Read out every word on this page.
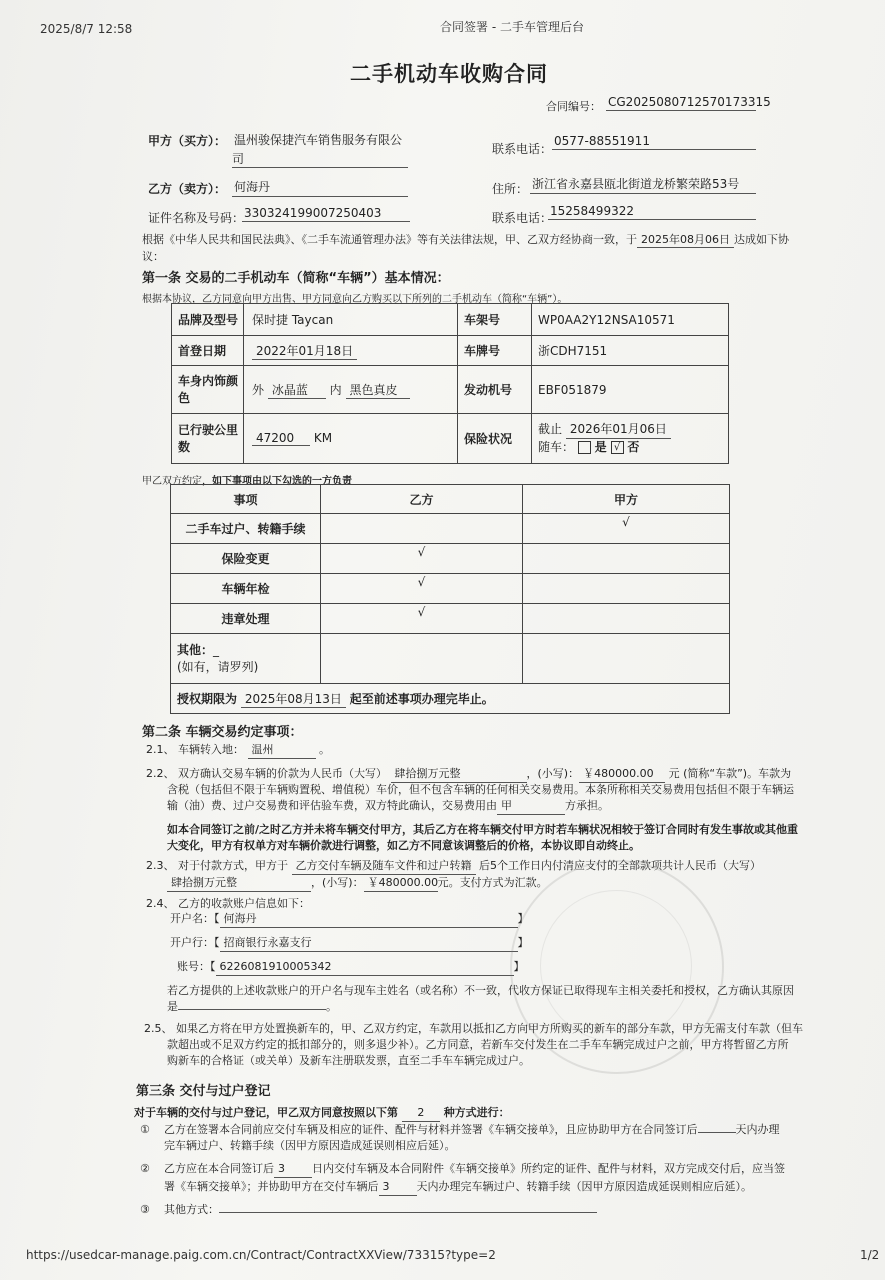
2025/8/7 12:58	合同签署 - 二手车管理后台
二手机动车收购合同
合同编号： CG2025080712570173315
甲方（买方）： 温州骏保捷汽车销售服务有限公
司
联系电话：
0577-88551911
乙方（卖方）： 何海丹	住所： 浙江省永嘉县瓯北街道龙桥繁荣路53号
证件名称及号码： 330324199007250403	联系电话：
15258499322
根据《中华人民共和国民法典》、《二手车流通管理办法》等有关法律法规，甲、乙双方经协商一致，于 2025年08月06日 达成如下协
议：
第一条 交易的二手机动车（简称“车辆”）基本情况：
根据本协议，乙方同意向甲方出售、甲方同意向乙方购买以下所列的二手机动车（简称“车辆”）。
品牌及型号	保时捷 Taycan	车架号	WP0AA2Y12NSA10571
首登日期	2022年01月18日	车牌号	浙CDH7151
车身内饰颜
色	外 冰晶蓝 内 黑色真皮	发动机号	EBF051879
已行驶公里
数	47200 KM	保险状况	截止 2026年01月06日
随车： 是 √ 否
甲乙双方约定，如下事项由以下勾选的一方负责
事项	乙方	甲方
二手车过户、转籍手续		√
保险变更	√	
车辆年检	√	
违章处理	√	
其他：_
(如有，请罗列)		
授权期限为 2025年08月13日 起至前述事项办理完毕止。		
第二条 车辆交易约定事项：
2.1、 车辆转入地： 温州	。
2.2、 双方确认交易车辆的价款为人民币（大写） 肆拾捌万元整	，(小写)： ￥480000.00 元 (简称“车款”)。车款为
含税（包括但不限于车辆购置税、增值税）车价，但不包含车辆的任何相关交易费用。本条所称相关交易费用包括但不限于车辆运
输（油）费、过户交易费和评估验车费，双方特此确认，交易费用由 甲	方承担。
如本合同签订之前/之时乙方并未将车辆交付甲方，其后乙方在将车辆交付甲方时若车辆状况相较于签订合同时有发生事故或其他重
大变化，甲方有权单方对车辆价款进行调整，如乙方不同意该调整后的价格，本协议即自动终止。
2.3、 对于付款方式，甲方于 乙方交付车辆及随车文件和过户转籍 后5个工作日内付清应支付的全部款项共计人民币（大写）
肆拾捌万元整	，(小写)： ￥480000.00元。支付方式为汇款。
2.4、 乙方的收款账户信息如下：
开户名：【 何海丹	】
开户行：【 招商银行永嘉支行	】
账号：【 6226081910005342	】
若乙方提供的上述收款账户的开户名与现车主姓名（或名称）不一致，代收方保证已取得现车主相关委托和授权，乙方确认其原因
是	。
2.5、 如果乙方将在甲方处置换新车的，甲、乙双方约定，车款用以抵扣乙方向甲方所购买的新车的部分车款，甲方无需支付车款（但车
款超出或不足双方约定的抵扣部分的，则多退少补）。乙方同意，若新车交付发生在二手车车辆完成过户之前，甲方将暂留乙方所
购新车的合格证（或关单）及新车注册联发票，直至二手车车辆完成过户。
第三条 交付与过户登记
对于车辆的交付与过户登记，甲乙双方同意按照以下第 2 种方式进行：
① 乙方在签署本合同前应交付车辆及相应的证件、配件与材料并签署《车辆交接单》，且应协助甲方在合同签订后	天内办理
完车辆过户、转籍手续（因甲方原因造成延误则相应后延）。
② 乙方应在本合同签订后 3 日内交付车辆及本合同附件《车辆交接单》所约定的证件、配件与材料，双方完成交付后，应当签
署《车辆交接单》；并协助甲方在交付车辆后 3 天内办理完车辆过户、转籍手续（因甲方原因造成延误则相应后延）。
③ 其他方式：
https://usedcar-manage.paig.com.cn/Contract/ContractXXView/73315?type=2	1/2
